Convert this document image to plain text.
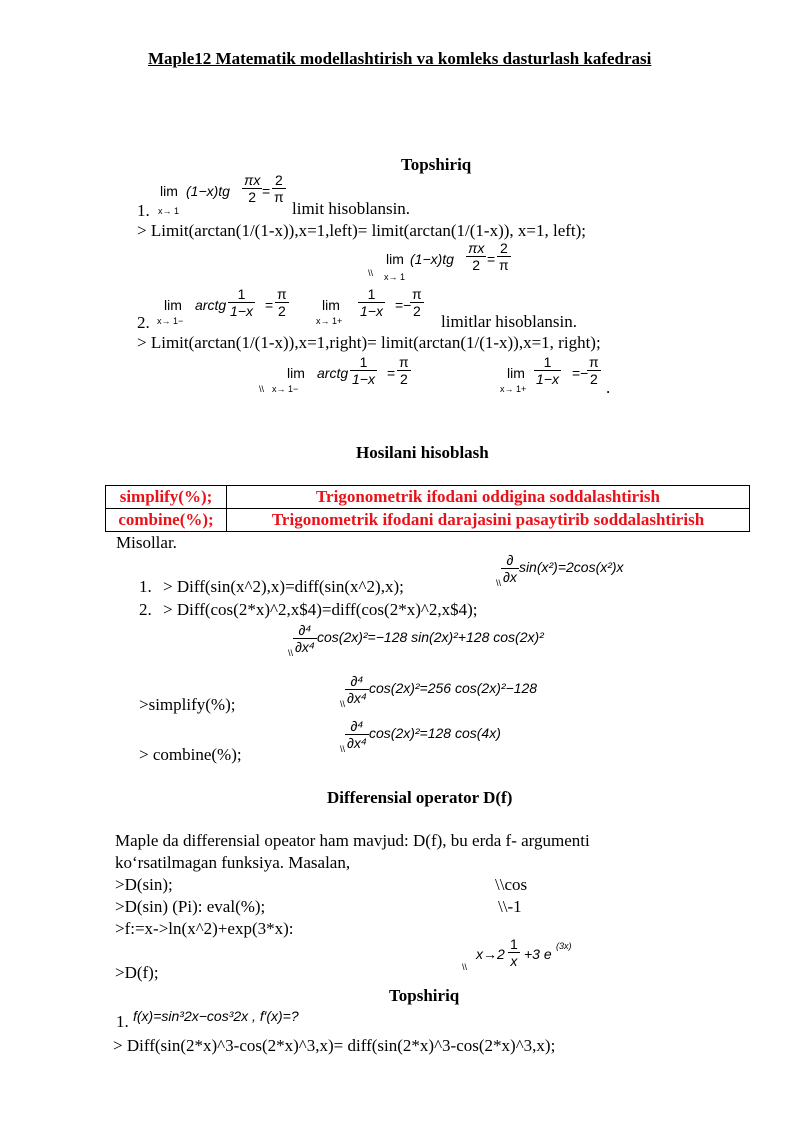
Maple12 Matematik modellashtirish va komleks dasturlash kafedrasi
Topshiriq
lim
x→ 1
$(1-x)tg \frac{\pi x}{2} = \frac{2}{\pi}$
1.	limit hisoblansin.
> Limit(arctan(1/(1-x)),x=1,left)= limit(arctan(1/(1-x)), x=1, left);
\\
lim
x→ 1
$(1-x)tg \frac{\pi x}{2} = \frac{2}{\pi}$
lim
x→ 1−
arctg $\frac{1}{1-x} = \frac{\pi}{2}$ lim
x→ 1+
$\frac{1}{1-x}$ =−
$\frac{\pi}{2}$
2.	limitlar hisoblansin.
> Limit(arctan(1/(1-x)),x=1,right)= limit(arctan(1/(1-x)),x=1, right);
\\
lim
x→ 1−
arctg $\frac{1}{1-x} = \frac{\pi}{2}$	lim
x→ 1+
$\frac{1}{1-x}$ =−
$\frac{\pi}{2}$
.
Hosilani hisoblash
simplify(%);	Trigonometrik ifodani oddigina soddalashtirish
combine(%);	Trigonometrik ifodani darajasini pasaytirib soddalashtirish
Misollar.
$_{\backslash\backslash} \frac{\partial}{\partial x} \sin(x^2)=2\cos(x^2)x$
1. > Diff(sin(x^2),x)=diff(sin(x^2),x);
2. > Diff(cos(2*x)^2,x$4)=diff(cos(2*x)^2,x$4);
$_{\backslash\backslash} \frac{\text{∂⁴}}{\text{∂x⁴}} \cos(2x)^2=-128$ sin(2x)²+128 cos(2x)²
$_{\backslash\backslash} \frac{\text{∂⁴}}{\text{∂x⁴}} \cos(2x)^2=256$ cos(2x)²−128
>simplify(%);
$_{\backslash\backslash} \frac{\text{∂⁴}}{\text{∂x⁴}} \cos(2x)^2=128$ cos(4x)
> combine(%);
Differensial operator D(f)
Maple da differensial opeator ham mavjud: D(f), bu erda f- argumenti
ko‘rsatilmagan funksiya. Masalan,
>D(sin);	\\cos
>D(sin) (Pi): eval(%);	\\-1
>f:=x->ln(x^2)+exp(3*x):
\\
$x\to 2 \frac{1}{x} +3$ e (3x)
>D(f);
Topshiriq
1. f(x)=sin³2x−cos³2x , f′(x)=?
> Diff(sin(2*x)^3-cos(2*x)^3,x)= diff(sin(2*x)^3-cos(2*x)^3,x);
